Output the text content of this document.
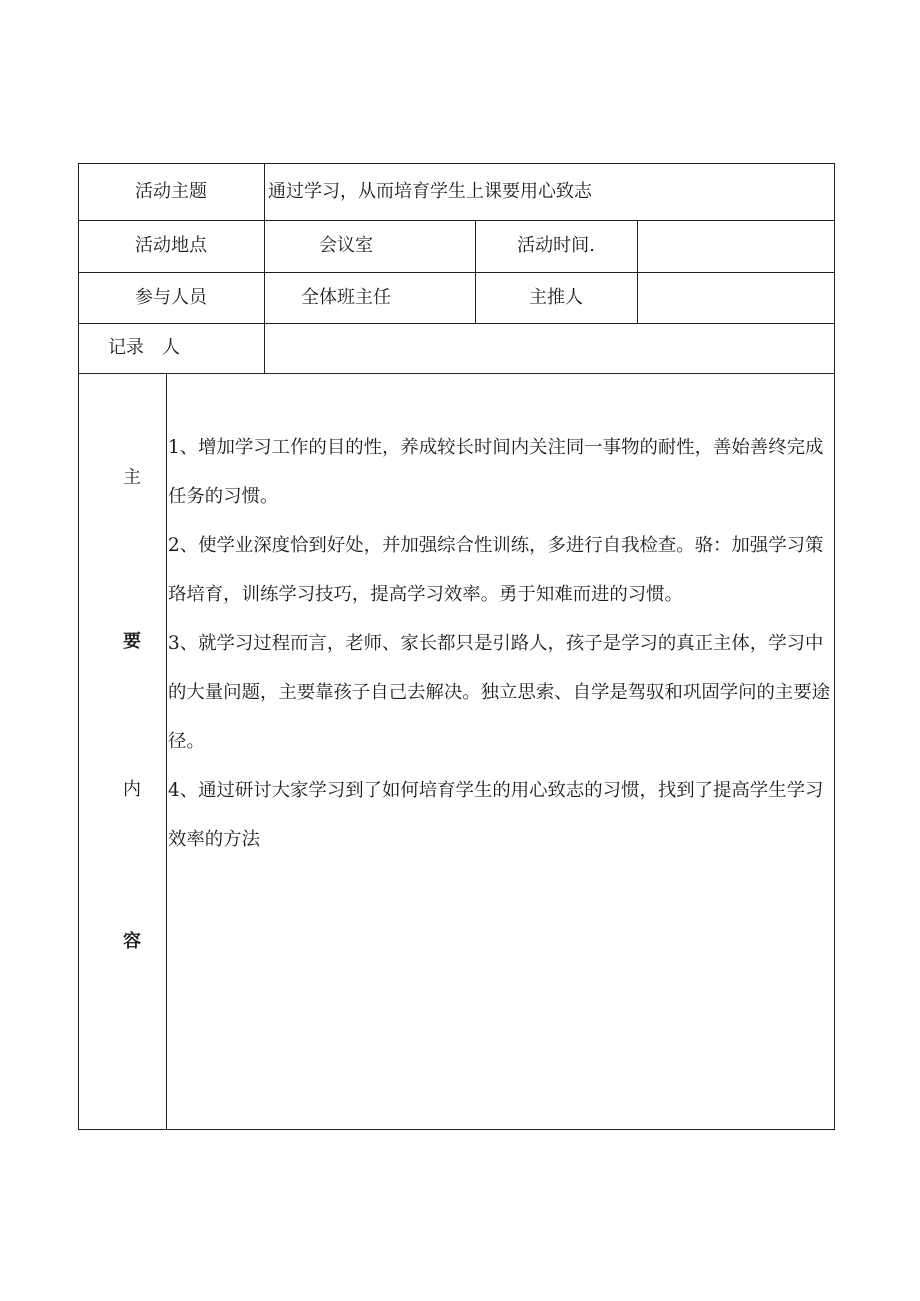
活动主题	通过学习，从而培育学生上课要用心致志
活动地点	会议室	活动时间.
参与人员	全体班主任	主推人
记录　人
主
要
内
容

1、增加学习工作的目的性，养成较长时间内关注同一事物的耐性，善始善终完成任务的习惯。

2、使学业深度恰到好处，并加强综合性训练，多进行自我检查。骆：加强学习策珞培育，训练学习技巧，提高学习效率。勇于知难而进的习惯。

3、就学习过程而言，老师、家长都只是引路人，孩子是学习的真正主体，学习中的大量问题，主要靠孩子自己去解决。独立思索、自学是驾驭和巩固学问的主要途径。

4、通过研讨大家学习到了如何培育学生的用心致志的习惯，找到了提高学生学习效率的方法
